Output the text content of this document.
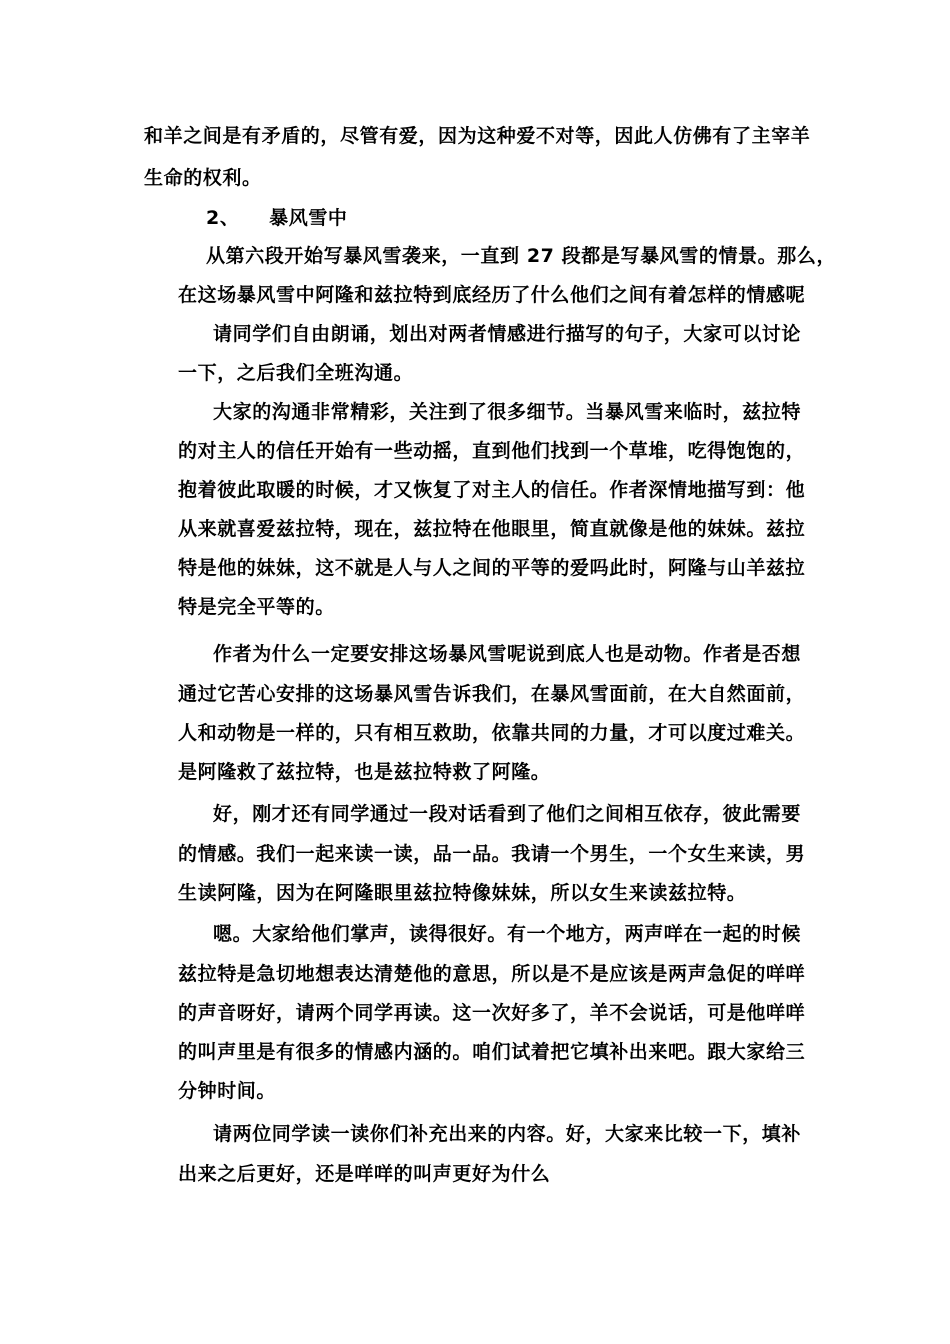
和羊之间是有矛盾的，尽管有爱，因为这种爱不对等，因此人仿佛有了主宰羊
生命的权利。
2、　　暴风雪中
从第六段开始写暴风雪袭来，一直到 27 段都是写暴风雪的情景。那么，
在这场暴风雪中阿隆和兹拉特到底经历了什么他们之间有着怎样的情感呢
请同学们自由朗诵，划出对两者情感进行描写的句子，大家可以讨论
一下，之后我们全班沟通。
大家的沟通非常精彩，关注到了很多细节。当暴风雪来临时，兹拉特
的对主人的信任开始有一些动摇，直到他们找到一个草堆，吃得饱饱的，
抱着彼此取暖的时候，才又恢复了对主人的信任。作者深情地描写到：他
从来就喜爱兹拉特，现在，兹拉特在他眼里，简直就像是他的妹妹。兹拉
特是他的妹妹，这不就是人与人之间的平等的爱吗此时，阿隆与山羊兹拉
特是完全平等的。
作者为什么一定要安排这场暴风雪呢说到底人也是动物。作者是否想
通过它苦心安排的这场暴风雪告诉我们，在暴风雪面前，在大自然面前，
人和动物是一样的，只有相互救助，依靠共同的力量，才可以度过难关。
是阿隆救了兹拉特，也是兹拉特救了阿隆。
好，刚才还有同学通过一段对话看到了他们之间相互依存，彼此需要
的情感。我们一起来读一读，品一品。我请一个男生，一个女生来读，男
生读阿隆，因为在阿隆眼里兹拉特像妹妹，所以女生来读兹拉特。
嗯。大家给他们掌声，读得很好。有一个地方，两声咩在一起的时候
兹拉特是急切地想表达清楚他的意思，所以是不是应该是两声急促的咩咩
的声音呀好，请两个同学再读。这一次好多了，羊不会说话，可是他咩咩
的叫声里是有很多的情感内涵的。咱们试着把它填补出来吧。跟大家给三
分钟时间。
请两位同学读一读你们补充出来的内容。好，大家来比较一下，填补
出来之后更好，还是咩咩的叫声更好为什么
